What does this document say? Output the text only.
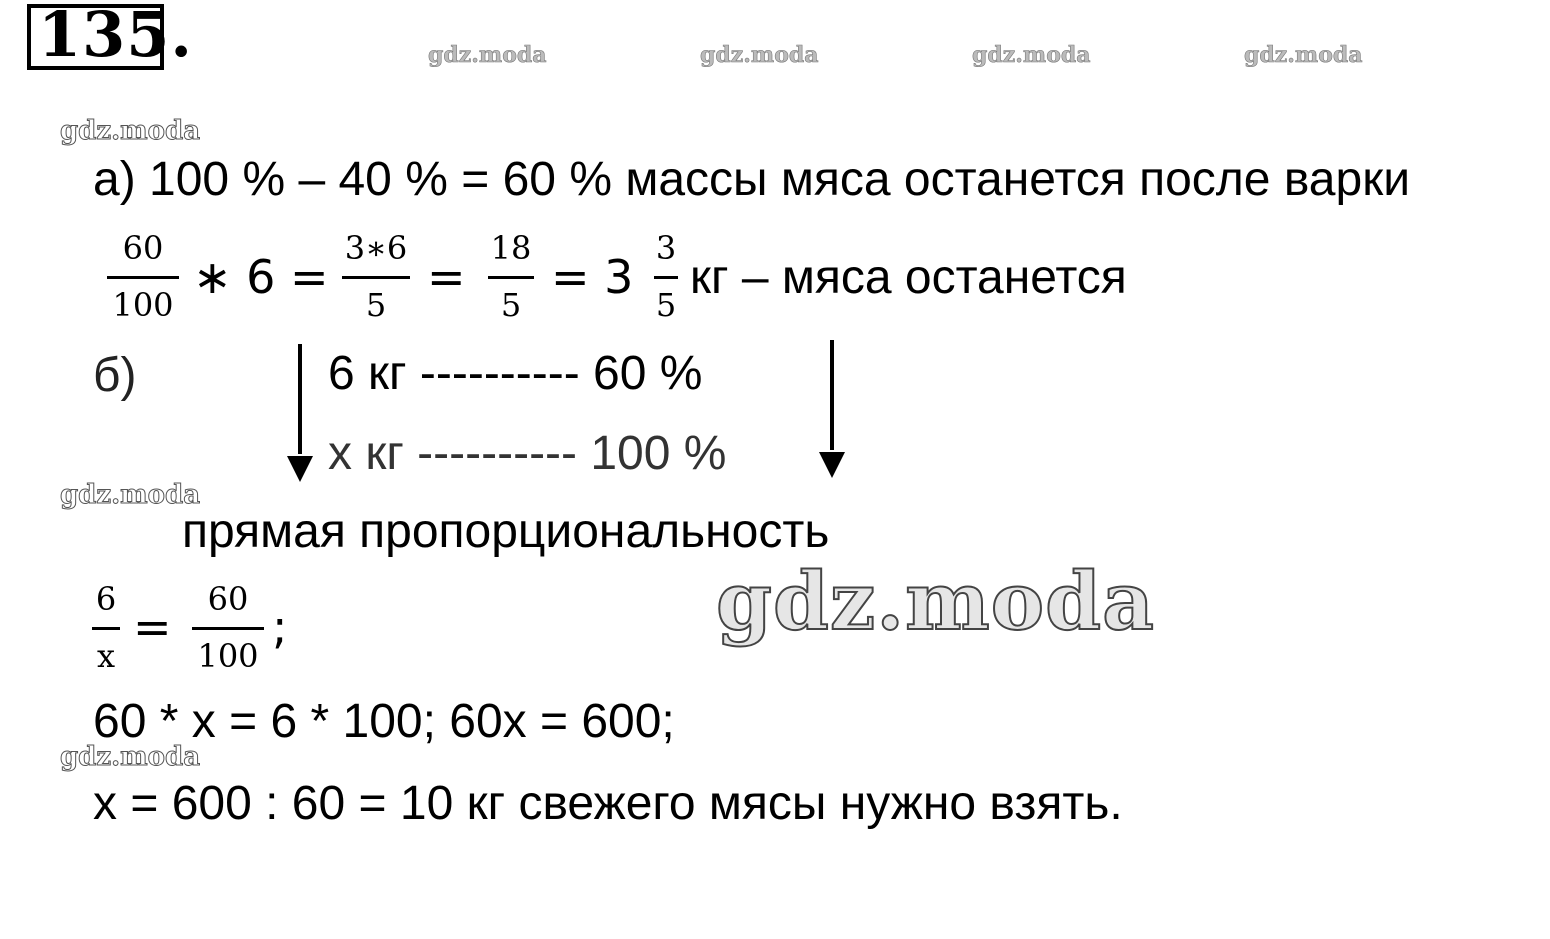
135.	gdz.moda	gdz.moda	gdz.moda	gdz.moda
gdz.moda
gdz.moda
gdz.moda
а) 100 % – 40 % = 60 % массы мяса останется после варки
60
100
∗ 6 =
3∗6
5
=
18
5
= 3
3
5
кг – мяса останется
б)	6 кг ---------- 60 %
х кг ---------- 100 %
прямая пропорциональность
gdz.moda
6
х
=
60
100
;
60 * х = 6 * 100; 60х = 600;
х = 600 : 60 = 10 кг свежего мясы нужно взять.
